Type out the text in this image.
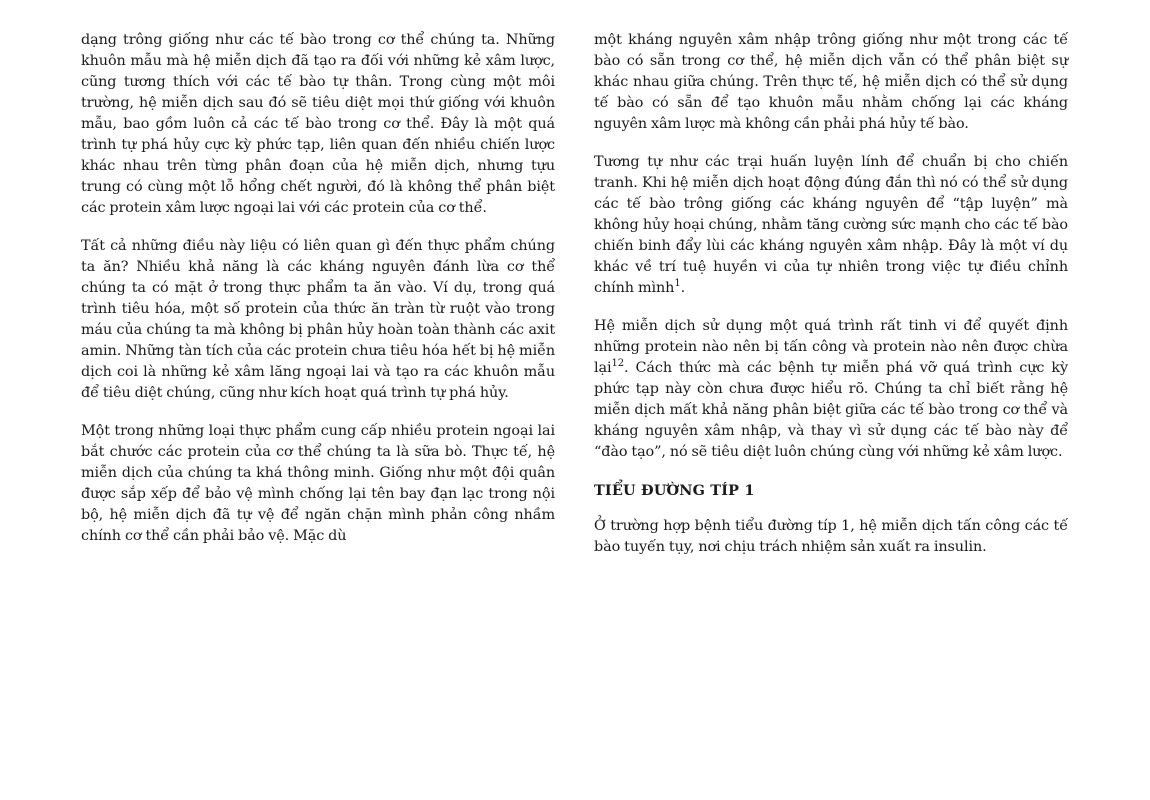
dạng trông giống như các tế bào trong cơ thể chúng ta. Những khuôn mẫu mà hệ miễn dịch đã tạo ra đối với những kẻ xâm lược, cũng tương thích với các tế bào tự thân. Trong cùng một môi trường, hệ miễn dịch sau đó sẽ tiêu diệt mọi thứ giống với khuôn mẫu, bao gồm luôn cả các tế bào trong cơ thể. Đây là một quá trình tự phá hủy cực kỳ phức tạp, liên quan đến nhiều chiến lược khác nhau trên từng phân đoạn của hệ miễn dịch, nhưng tựu trung có cùng một lỗ hổng chết người, đó là không thể phân biệt các protein xâm lược ngoại lai với các protein của cơ thể.

Tất cả những điều này liệu có liên quan gì đến thực phẩm chúng ta ăn? Nhiều khả năng là các kháng nguyên đánh lừa cơ thể chúng ta có mặt ở trong thực phẩm ta ăn vào. Ví dụ, trong quá trình tiêu hóa, một số protein của thức ăn tràn từ ruột vào trong máu của chúng ta mà không bị phân hủy hoàn toàn thành các axit amin. Những tàn tích của các protein chưa tiêu hóa hết bị hệ miễn dịch coi là những kẻ xâm lăng ngoại lai và tạo ra các khuôn mẫu để tiêu diệt chúng, cũng như kích hoạt quá trình tự phá hủy.

Một trong những loại thực phẩm cung cấp nhiều protein ngoại lai bắt chước các protein của cơ thể chúng ta là sữa bò. Thực tế, hệ miễn dịch của chúng ta khá thông minh. Giống như một đội quân được sắp xếp để bảo vệ mình chống lại tên bay đạn lạc trong nội bộ, hệ miễn dịch đã tự vệ để ngăn chặn mình phản công nhầm chính cơ thể cần phải bảo vệ. Mặc dù

một kháng nguyên xâm nhập trông giống như một trong các tế bào có sẵn trong cơ thể, hệ miễn dịch vẫn có thể phân biệt sự khác nhau giữa chúng. Trên thực tế, hệ miễn dịch có thể sử dụng tế bào có sẵn để tạo khuôn mẫu nhằm chống lại các kháng nguyên xâm lược mà không cần phải phá hủy tế bào.

Tương tự như các trại huấn luyện lính để chuẩn bị cho chiến tranh. Khi hệ miễn dịch hoạt động đúng đắn thì nó có thể sử dụng các tế bào trông giống các kháng nguyên để “tập luyện” mà không hủy hoại chúng, nhằm tăng cường sức mạnh cho các tế bào chiến binh đẩy lùi các kháng nguyên xâm nhập. Đây là một ví dụ khác về trí tuệ huyền vi của tự nhiên trong việc tự điều chỉnh chính mình$^1$.

Hệ miễn dịch sử dụng một quá trình rất tinh vi để quyết định những protein nào nên bị tấn công và protein nào nên được chừa lại$^{12}$. Cách thức mà các bệnh tự miễn phá vỡ quá trình cực kỳ phức tạp này còn chưa được hiểu rõ. Chúng ta chỉ biết rằng hệ miễn dịch mất khả năng phân biệt giữa các tế bào trong cơ thể và kháng nguyên xâm nhập, và thay vì sử dụng các tế bào này để “đào tạo”, nó sẽ tiêu diệt luôn chúng cùng với những kẻ xâm lược.

TIỂU ĐƯỜNG TÍP 1

Ở trường hợp bệnh tiểu đường típ 1, hệ miễn dịch tấn công các tế bào tuyến tụy, nơi chịu trách nhiệm sản xuất ra insulin.
